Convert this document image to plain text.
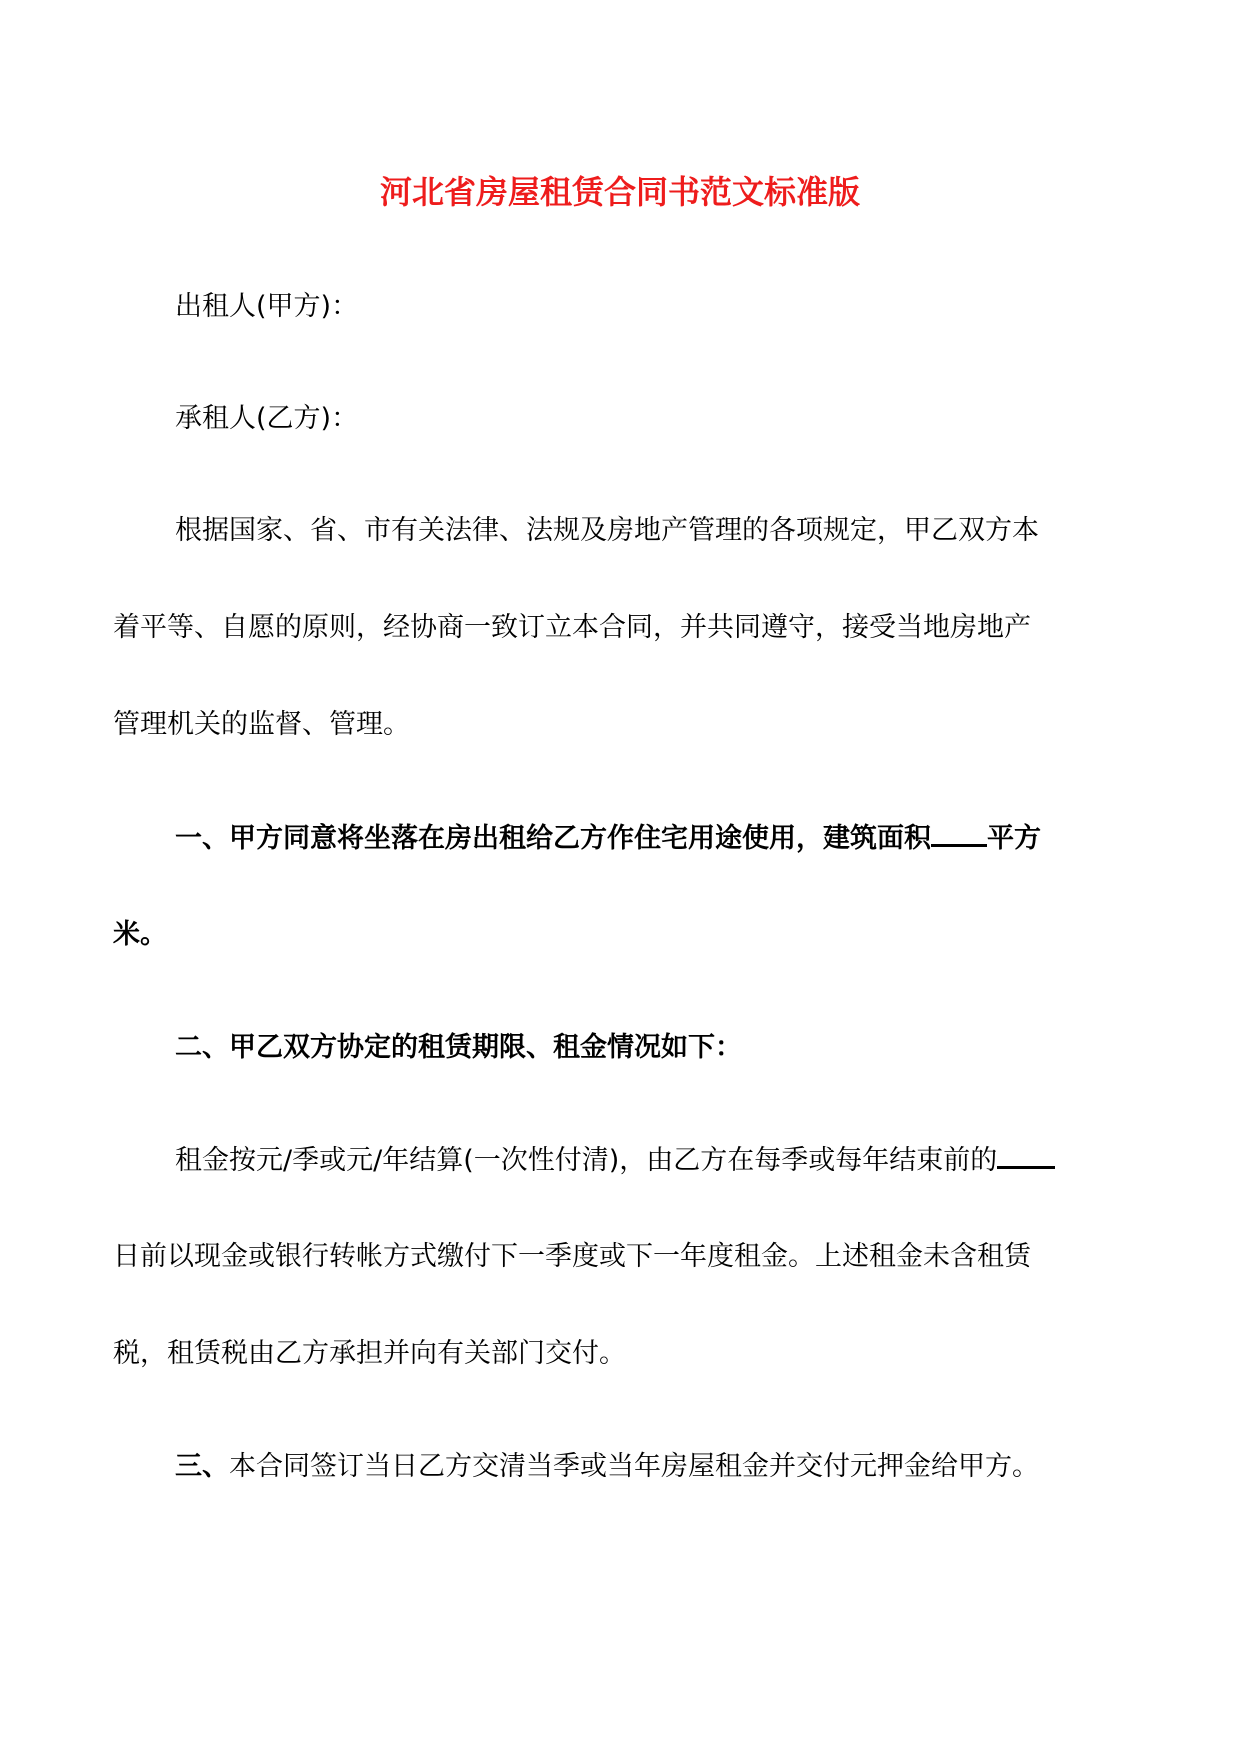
河北省房屋租赁合同书范文标准版
出租人(甲方)：
承租人(乙方)：
根据国家、省、市有关法律、法规及房地产管理的各项规定，甲乙双方本
着平等、自愿的原则，经协商一致订立本合同，并共同遵守，接受当地房地产
管理机关的监督、管理。
一、甲方同意将坐落在房出租给乙方作住宅用途使用，建筑面积 平方
米。
二、甲乙双方协定的租赁期限、租金情况如下：
租金按元/季或元/年结算(一次性付清)，由乙方在每季或每年结束前的
日前以现金或银行转帐方式缴付下一季度或下一年度租金。上述租金未含租赁
税，租赁税由乙方承担并向有关部门交付。
三、本合同签订当日乙方交清当季或当年房屋租金并交付元押金给甲方。
